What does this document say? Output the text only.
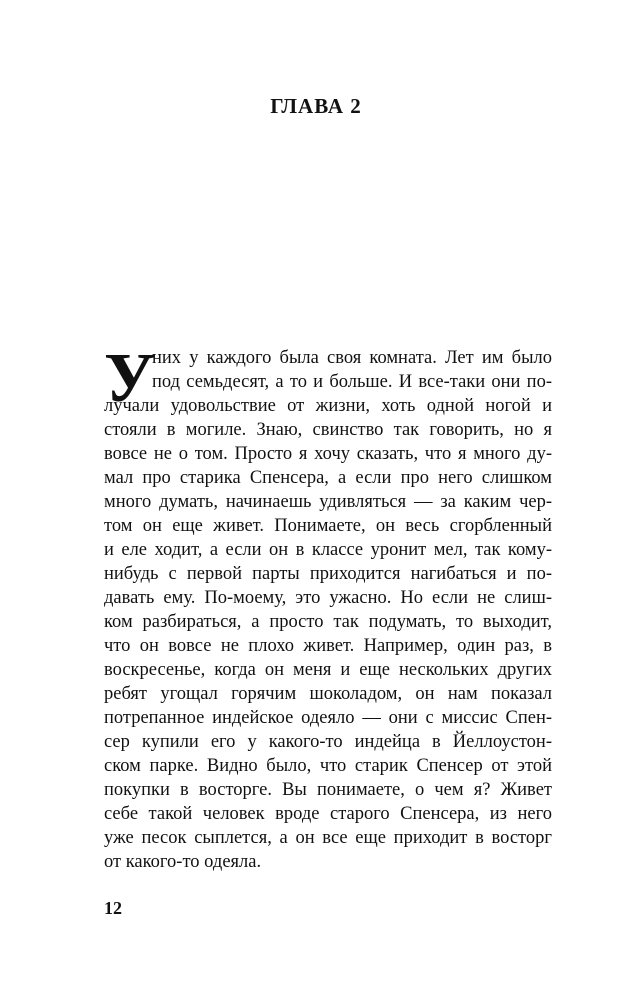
ГЛАВА 2
У
них у каждого была своя комната. Лет им было
под семьдесят, а то и больше. И все-таки они по-
лучали удовольствие от жизни, хоть одной ногой и
стояли в могиле. Знаю, свинство так говорить, но я
вовсе не о том. Просто я хочу сказать, что я много ду-
мал про старика Спенсера, а если про него слишком
много думать, начинаешь удивляться — за каким чер-
том он еще живет. Понимаете, он весь сгорбленный
и еле ходит, а если он в классе уронит мел, так кому-
нибудь с первой парты приходится нагибаться и по-
давать ему. По-моему, это ужасно. Но если не слиш-
ком разбираться, а просто так подумать, то выходит,
что он вовсе не плохо живет. Например, один раз, в
воскресенье, когда он меня и еще нескольких других
ребят угощал горячим шоколадом, он нам показал
потрепанное индейское одеяло — они с миссис Спен-
сер купили его у какого-то индейца в Йеллоустон-
ском парке. Видно было, что старик Спенсер от этой
покупки в восторге. Вы понимаете, о чем я? Живет
себе такой человек вроде старого Спенсера, из него
уже песок сыплется, а он все еще приходит в восторг
от какого-то одеяла.
12
